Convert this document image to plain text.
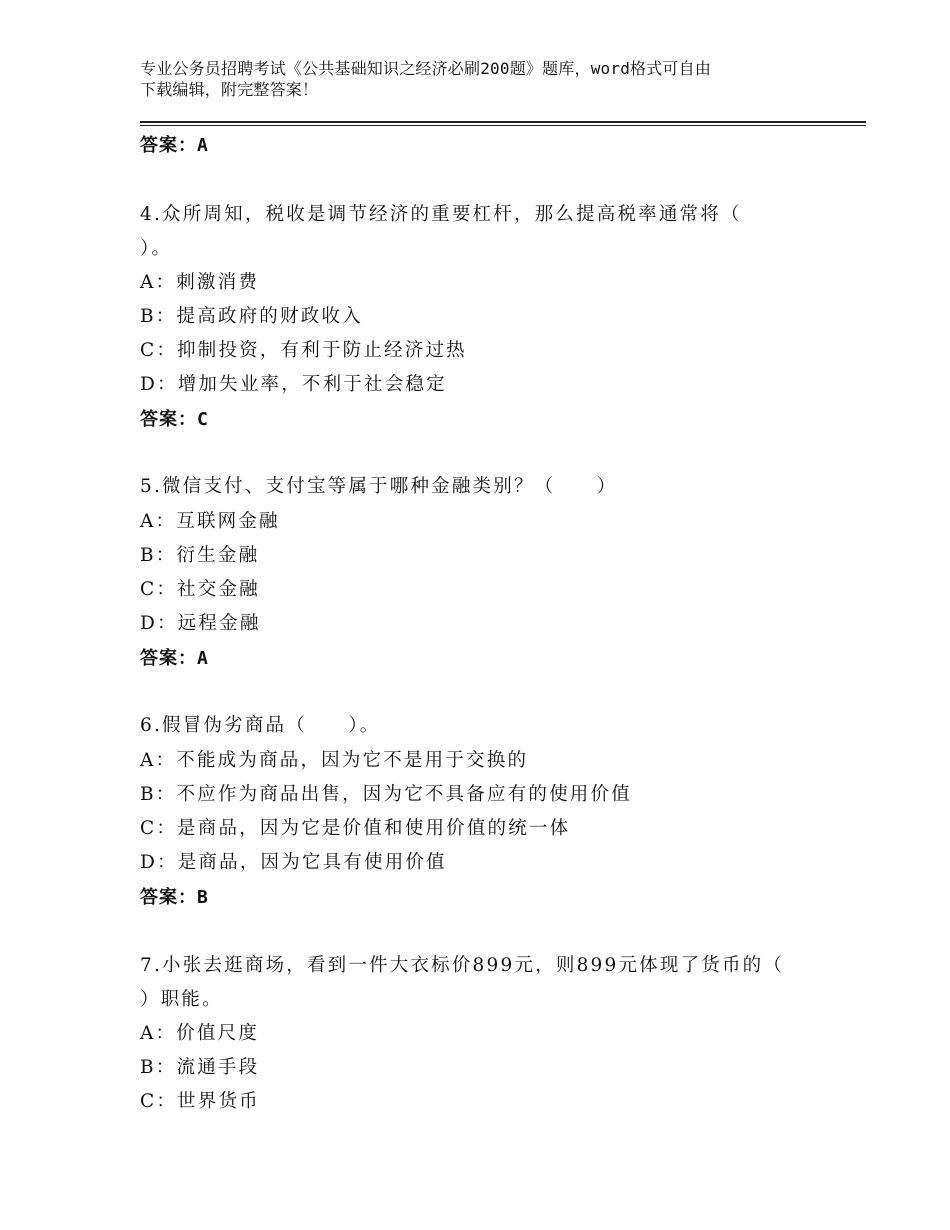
专业公务员招聘考试《公共基础知识之经济必刷200题》题库，word格式可自由
下载编辑，附完整答案！
答案：A
4.众所周知，税收是调节经济的重要杠杆，那么提高税率通常将（
）。
A：刺激消费
B：提高政府的财政收入
C：抑制投资，有利于防止经济过热
D：增加失业率，不利于社会稳定
答案：C
5.微信支付、支付宝等属于哪种金融类别？（　　）
A：互联网金融
B：衍生金融
C：社交金融
D：远程金融
答案：A
6.假冒伪劣商品（　　）。
A：不能成为商品，因为它不是用于交换的
B：不应作为商品出售，因为它不具备应有的使用价值
C：是商品，因为它是价值和使用价值的统一体
D：是商品，因为它具有使用价值
答案：B
7.小张去逛商场，看到一件大衣标价899元，则899元体现了货币的（
）职能。
A：价值尺度
B：流通手段
C：世界货币
